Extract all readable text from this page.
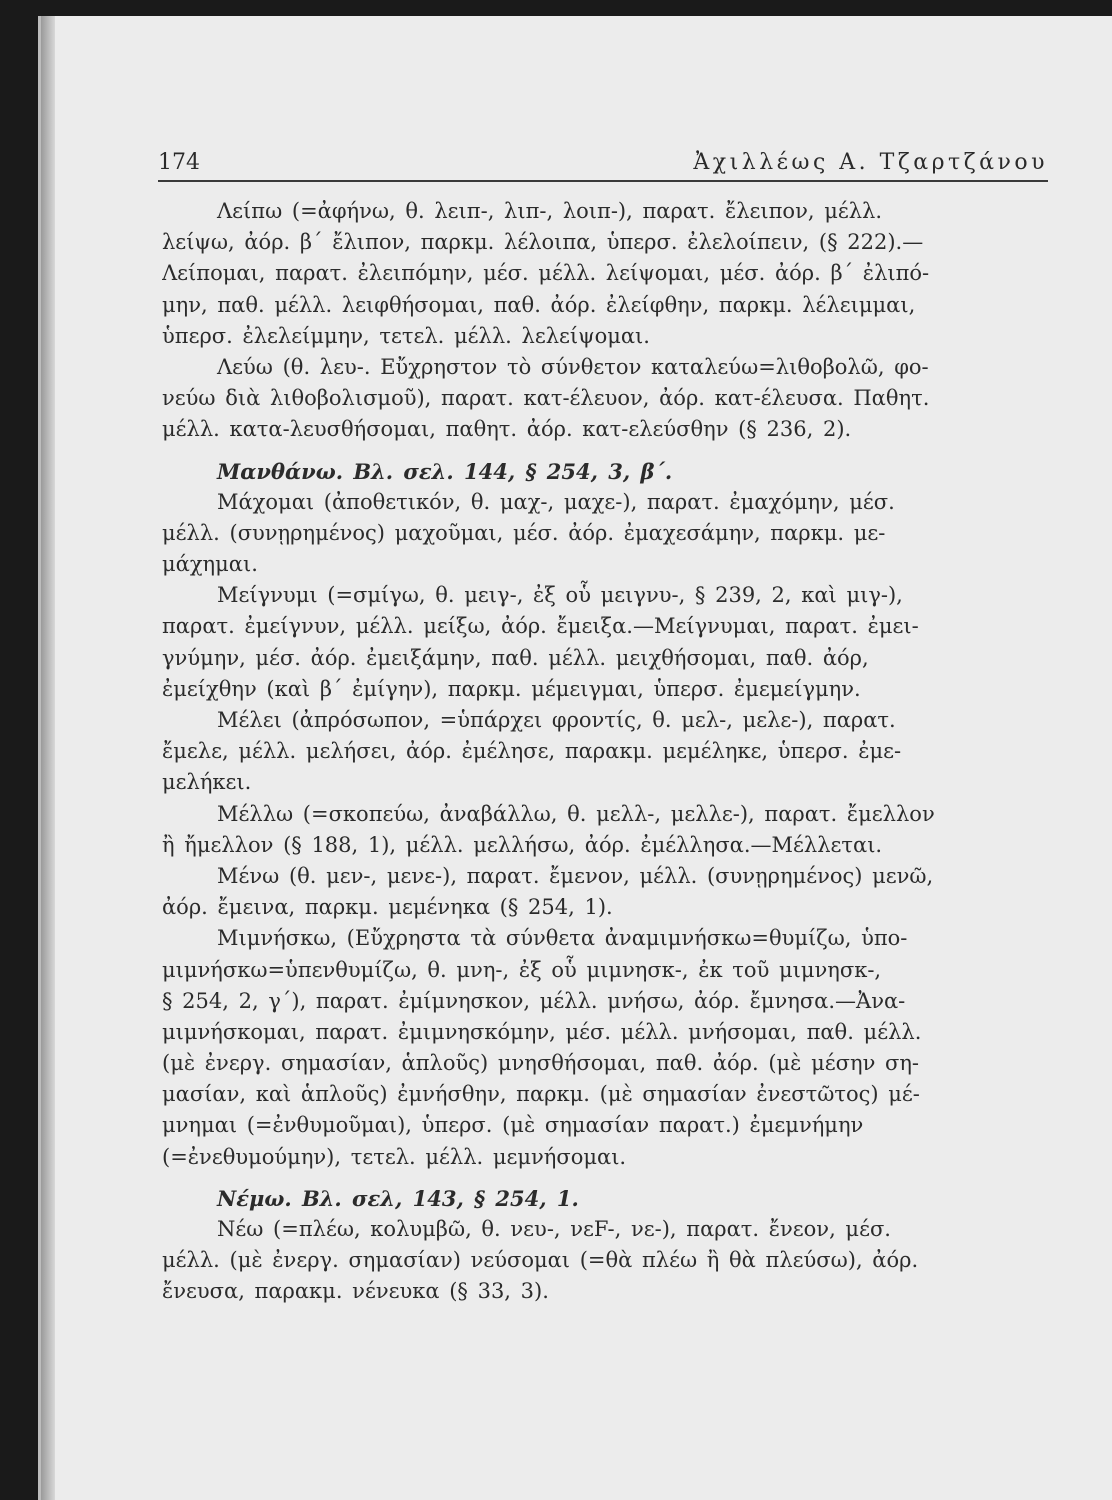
174	Ἀχιλλέως Α. Τζαρτζάνου
Λείπω (=ἀφήνω, θ. λειπ-, λιπ-, λοιπ-), παρατ. ἔλειπον, μέλλ.
λείψω, ἀόρ. β΄ ἔλιπον, παρκμ. λέλοιπα, ὑπερσ. ἐλελοίπειν, (§ 222).—
Λείπομαι, παρατ. ἐλειπόμην, μέσ. μέλλ. λείψομαι, μέσ. ἀόρ. β΄ ἐλιπό-
μην, παθ. μέλλ. λειφθήσομαι, παθ. ἀόρ. ἐλείφθην, παρκμ. λέλειμμαι,
ὑπερσ. ἐλελείμμην, τετελ. μέλλ. λελείψομαι.
Λεύω (θ. λευ-. Εὔχρηστον τὸ σύνθετον καταλεύω=λιθοβολῶ, φο-
νεύω διὰ λιθοβολισμοῦ), παρατ. κατ-έλευον, ἀόρ. κατ-έλευσα. Παθητ.
μέλλ. κατα-λευσθήσομαι, παθητ. ἀόρ. κατ-ελεύσθην (§ 236, 2).
Μανθάνω. Βλ. σελ. 144, § 254, 3, β΄.
Μάχομαι (ἀποθετικόν, θ. μαχ-, μαχε-), παρατ. ἐμαχόμην, μέσ.
μέλλ. (συνῃρημένος) μαχοῦμαι, μέσ. ἀόρ. ἐμαχεσάμην, παρκμ. με-
μάχημαι.
Μείγνυμι (=σμίγω, θ. μειγ-, ἐξ οὗ μειγνυ-, § 239, 2, καὶ μιγ-),
παρατ. ἐμείγνυν, μέλλ. μείξω, ἀόρ. ἔμειξα.—Μείγνυμαι, παρατ. ἐμει-
γνύμην, μέσ. ἀόρ. ἐμειξάμην, παθ. μέλλ. μειχθήσομαι, παθ. ἀόρ,
ἐμείχθην (καὶ β΄ ἐμίγην), παρκμ. μέμειγμαι, ὑπερσ. ἐμεμείγμην.
Μέλει (ἀπρόσωπον, =ὑπάρχει φροντίς, θ. μελ-, μελε-), παρατ.
ἔμελε, μέλλ. μελήσει, ἀόρ. ἐμέλησε, παρακμ. μεμέληκε, ὑπερσ. ἐμε-
μελήκει.
Μέλλω (=σκοπεύω, ἀναβάλλω, θ. μελλ-, μελλε-), παρατ. ἔμελλον
ἢ ἤμελλον (§ 188, 1), μέλλ. μελλήσω, ἀόρ. ἐμέλλησα.—Μέλλεται.
Μένω (θ. μεν-, μενε-), παρατ. ἔμενον, μέλλ. (συνῃρημένος) μενῶ,
ἀόρ. ἔμεινα, παρκμ. μεμένηκα (§ 254, 1).
Μιμνήσκω, (Εὔχρηστα τὰ σύνθετα ἀναμιμνήσκω=θυμίζω, ὑπο-
μιμνήσκω=ὑπενθυμίζω, θ. μνη-, ἐξ οὗ μιμνησκ-, ἐκ τοῦ μιμνησκ-,
§ 254, 2, γ΄), παρατ. ἐμίμνησκον, μέλλ. μνήσω, ἀόρ. ἔμνησα.—Ἀνα-
μιμνήσκομαι, παρατ. ἐμιμνησκόμην, μέσ. μέλλ. μνήσομαι, παθ. μέλλ.
(μὲ ἐνεργ. σημασίαν, ἁπλοῦς) μνησθήσομαι, παθ. ἀόρ. (μὲ μέσην ση-
μασίαν, καὶ ἁπλοῦς) ἐμνήσθην, παρκμ. (μὲ σημασίαν ἐνεστῶτος) μέ-
μνημαι (=ἐνθυμοῦμαι), ὑπερσ. (μὲ σημασίαν παρατ.) ἐμεμνήμην
(=ἐνεθυμούμην), τετελ. μέλλ. μεμνήσομαι.
Νέμω. Βλ. σελ, 143, § 254, 1.
Νέω (=πλέω, κολυμβῶ, θ. νευ-, νεF-, νε-), παρατ. ἔνεον, μέσ.
μέλλ. (μὲ ἐνεργ. σημασίαν) νεύσομαι (=θὰ πλέω ἢ θὰ πλεύσω), ἀόρ.
ἔνευσα, παρακμ. νένευκα (§ 33, 3).
